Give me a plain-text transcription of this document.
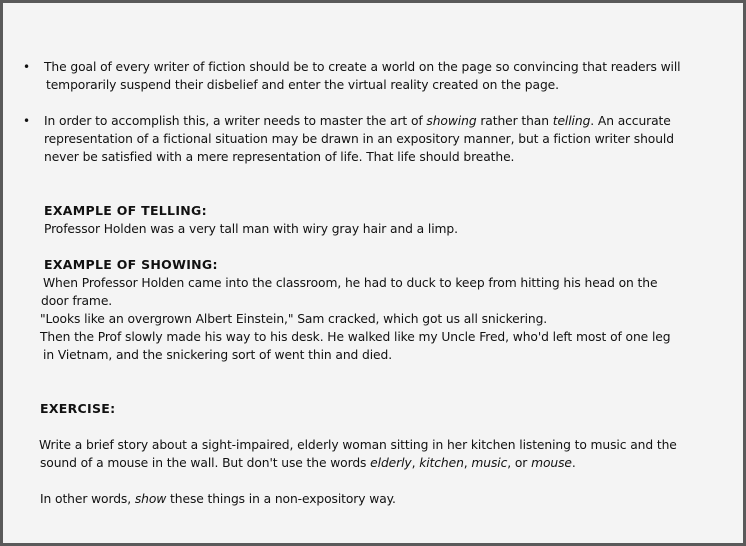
• The goal of every writer of fiction should be to create a world on the page so convincing that readers will
temporarily suspend their disbelief and enter the virtual reality created on the page.
• In order to accomplish this, a writer needs to master the art of showing rather than telling. An accurate
representation of a fictional situation may be drawn in an expository manner, but a fiction writer should
never be satisfied with a mere representation of life. That life should breathe.
EXAMPLE OF TELLING:
Professor Holden was a very tall man with wiry gray hair and a limp.
EXAMPLE OF SHOWING:
When Professor Holden came into the classroom, he had to duck to keep from hitting his head on the
door frame.
"Looks like an overgrown Albert Einstein," Sam cracked, which got us all snickering.
Then the Prof slowly made his way to his desk. He walked like my Uncle Fred, who'd left most of one leg
in Vietnam, and the snickering sort of went thin and died.
EXERCISE:
Write a brief story about a sight-impaired, elderly woman sitting in her kitchen listening to music and the
sound of a mouse in the wall. But don't use the words elderly, kitchen, music, or mouse.
In other words, show these things in a non-expository way.
